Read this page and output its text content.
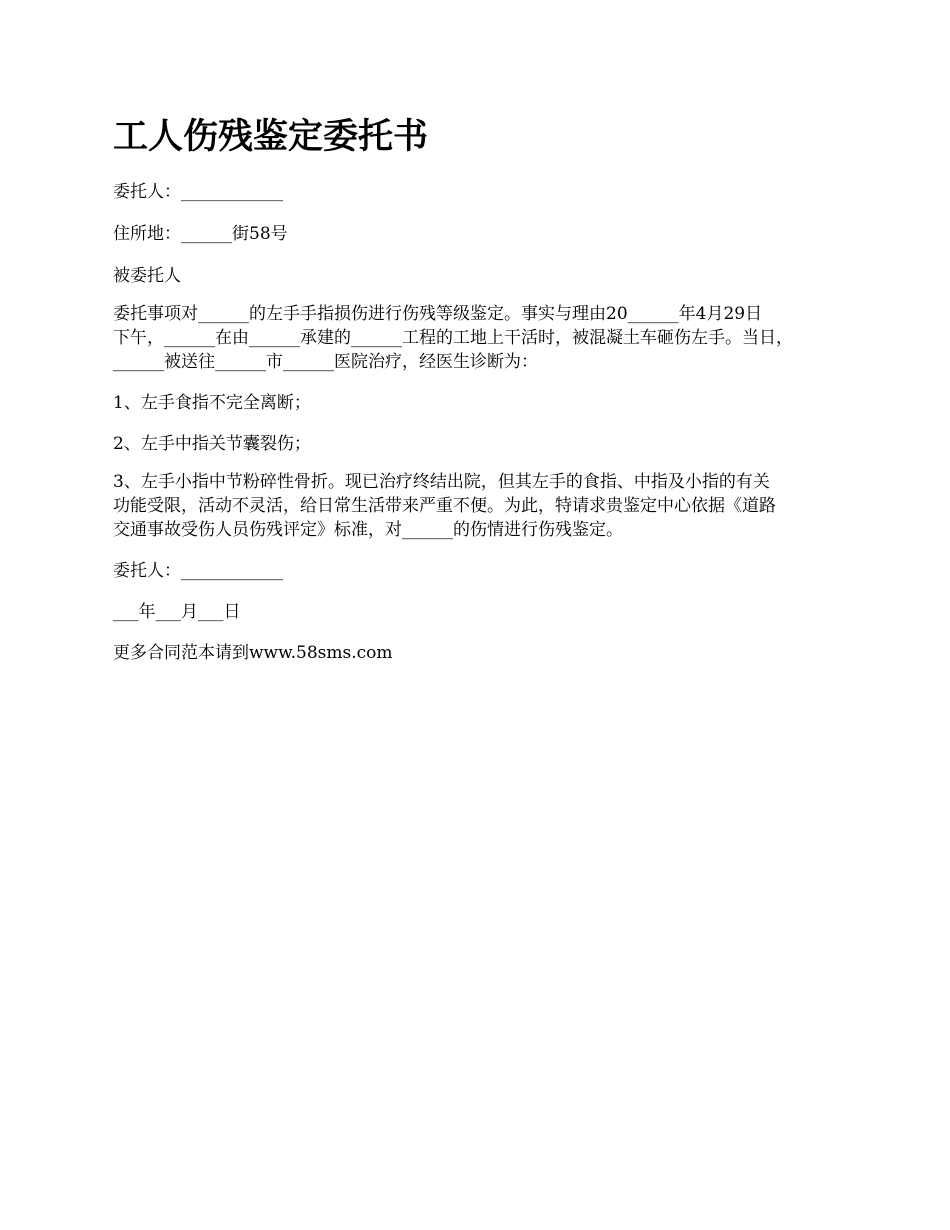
工人伤残鉴定委托书

委托人：____________

住所地：______街58号

被委托人

委托事项对______的左手手指损伤进行伤残等级鉴定。事实与理由20______年4月29日
下午，______在由______承建的______工程的工地上干活时，被混凝土车砸伤左手。当日，
______被送往______市______医院治疗，经医生诊断为：

1、左手食指不完全离断；

2、左手中指关节囊裂伤；

3、左手小指中节粉碎性骨折。现已治疗终结出院，但其左手的食指、中指及小指的有关
功能受限，活动不灵活，给日常生活带来严重不便。为此，特请求贵鉴定中心依据《道路
交通事故受伤人员伤残评定》标准，对______的伤情进行伤残鉴定。

委托人：____________

___年___月___日

更多合同范本请到www.58sms.com
